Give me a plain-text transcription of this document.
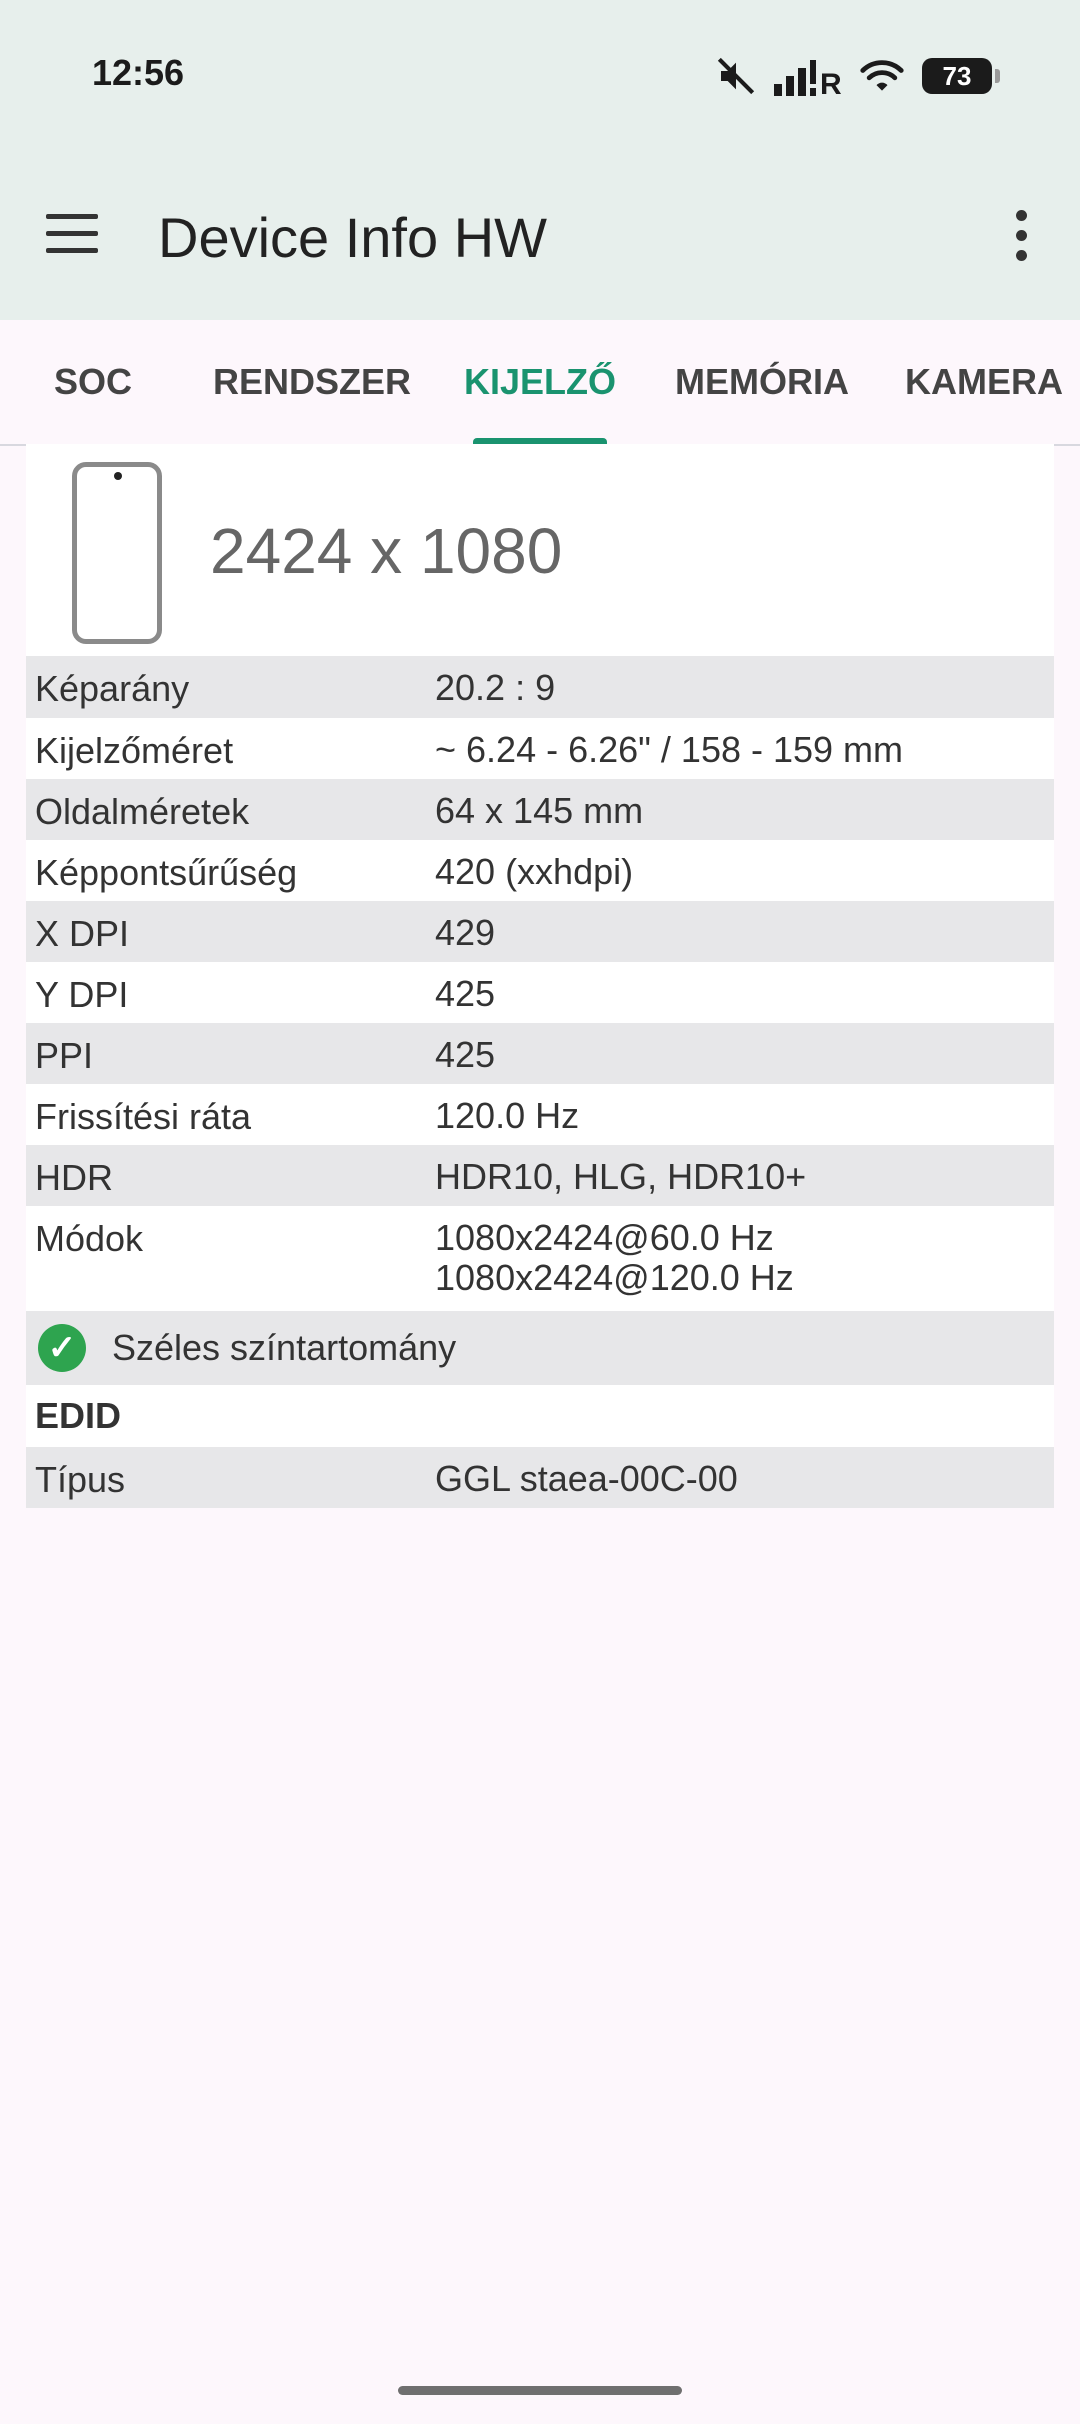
12:56	R	73
Device Info HW
SOC	RENDSZER KIJELZŐ MEMÓRIA KAMERA
2424 x 1080
Képarány	20.2 : 9
Kijelzőméret	~ 6.24 - 6.26" / 158 - 159 mm
Oldalméretek	64 x 145 mm
Képpontsűrűség	420 (xxhdpi)
X DPI	429
Y DPI	425
PPI	425
Frissítési ráta	120.0 Hz
HDR	HDR10, HLG, HDR10+
Módok	1080x2424@60.0 Hz
1080x2424@120.0 Hz
✓ Széles színtartomány
EDID
Típus	GGL staea-00C-00
